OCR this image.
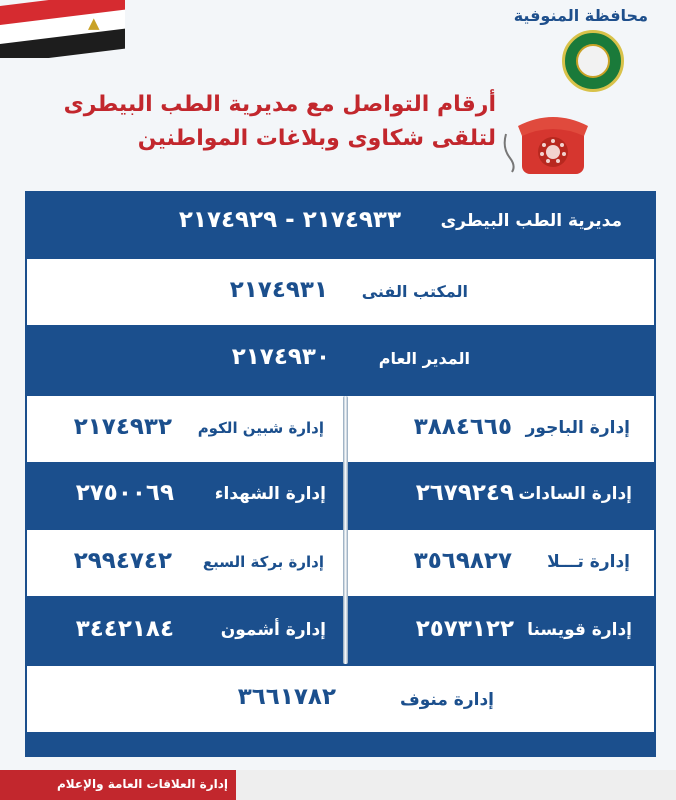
▲	محافظة المنوفية
أرقام التواصل مع مديرية الطب البيطرى
لتلقى شكاوى وبلاغات المواطنين
مديرية الطب البيطرى
٢١٧٤٩٣٣ - ٢١٧٤٩٢٩
المكتب الفنى
٢١٧٤٩٣١
المدير العام
٢١٧٤٩٣٠
إدارة الباجور
٣٨٨٤٦٦٥
إدارة شبين الكوم
٢١٧٤٩٣٢
إدارة السادات
٢٦٧٩٢٤٩
إدارة الشهداء
٢٧٥٠٠٦٩
إدارة تـــلا
٣٥٦٩٨٢٧
إدارة بركة السبع
٢٩٩٤٧٤٢
إدارة قويسنا
٢٥٧٣١٢٢
إدارة أشمون
٣٤٤٢١٨٤
إدارة منوف
٣٦٦١٧٨٢
إدارة العلاقات العامة والإعلام
